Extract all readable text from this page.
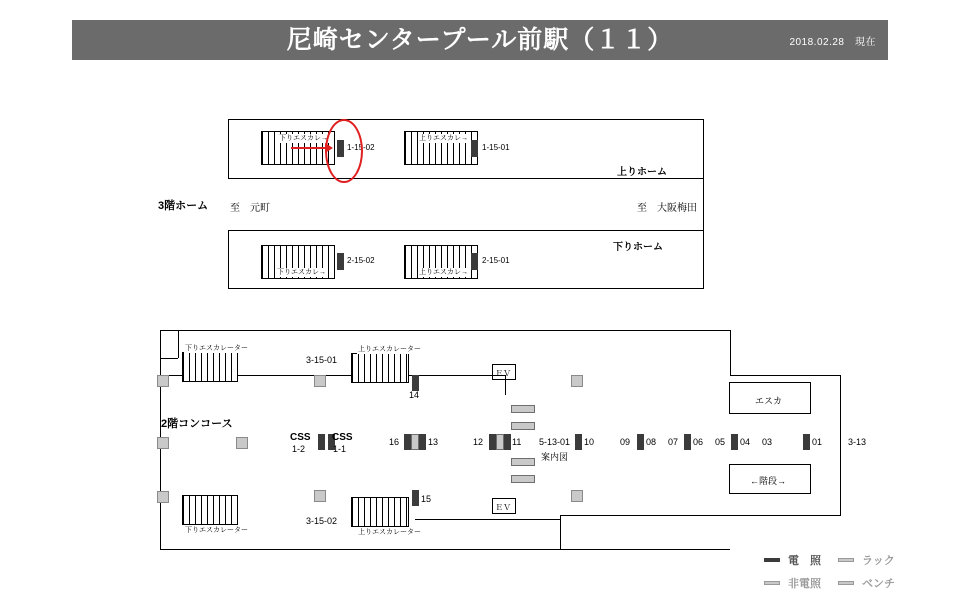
尼崎センタープール前駅（１１）	2018.02.28　現在
下りエスカレ→
1-15-02
上りエスカレ→
1-15-01
上りホーム
3階ホーム 至　元町	至　大阪梅田
下りホーム
下りエスカレ→
2-15-02
上りエスカレ→
2-15-01
下りエスカレーター
下りエスカレーター
上りエスカレーター
3-15-01
14
上りエスカレーター
3-15-02
15
ＥＶ
ＥＶ
2階コンコース
CSS
1-2
CSS
1-1
16	13	12	11 5-13-01 10
案内図
09 08 07 06 05 04 03	01	3-13
エスカ
←階段→
電　照	ラック
非電照	ベンチ
